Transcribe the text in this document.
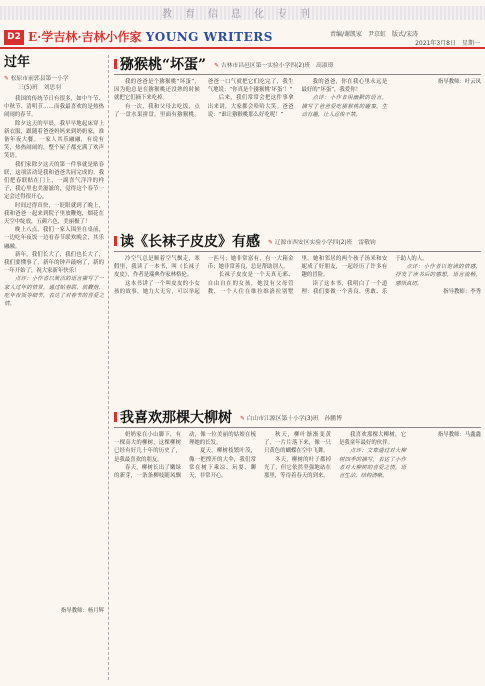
教育信息化专刊
D2 E·学吉林·吉林小作家 YOUNG WRITERS	责编/谢凯家　尹京虹　版式/宋涛
2021年3月8日　星期一
过年
✎ 松原市前郭县第一小学
三(5)班　刘思羽

我国的传统节日有很多，如中午节、中秋节、清明节……而我最喜欢的是热热闹闹的春节。

除夕这天的早晨，我早早地起床穿上新衣服，跟随着爸爸妈妈来到奶奶家，准备年夜大餐。一家人其乐融融，有说有笑，热热闹闹的，整个屋子都充满了欢声笑语。

我们家除夕这天的第一件事就是贴春联，这项活动是我和爸爸共同完成的。我们把春联贴在门上，一副喜气洋洋的样子，我心里也美滋滋的，觉得这个春节一定会过得很开心。

时间过得真快，一眨眼就到了晚上，我和爸爸一起来到院子里放鞭炮，烟花在天空中绽放，五颜六色，美丽极了！

晚上八点，我们一家人围坐在桌前，一边吃年夜饭一边看春节联欢晚会，其乐融融。

新年，我们长大了，我们也长大了，我们要懂事了，新年的钟声敲响了，新的一年开始了，祝大家新年快乐！

点评：小作者以简洁的语言描写了一家人过年的情景，通过贴春联、放鞭炮、吃年夜饭等细节，表达了对春节的喜爱之情。

指导教师：杨月辉
猕猴桃“坏蛋” ✎ 吉林市昌邑区第一实验小学四(2)班　高淑璟

我的爸爸是个猕猴桃“坏蛋”，因为他总是在猕猴桃还没熟的时候就把它们摘下来吃掉。

有一次，我和父母去吃饭，点了一盘水果拼盘，里面有猕猴桃。爸爸一口气就把它们吃完了，我生气地说：“你真是个猕猴桃‘坏蛋’！”

后来，我们常常会把这件事拿出来讲，大家都会哈哈大笑。爸爸说：“谁让猕猴桃那么好吃呢！”

我的爸爸，你在我心里永远是最好的“坏蛋”，我爱你！

点评：小作者用幽默的语言，描写了爸爸爱吃猕猴桃的趣事，生动有趣，让人忍俊不禁。

指导教师：叶云凤
读《长袜子皮皮》有感 ✎ 辽源市西安区实验小学四(2)班　雷敬钧

冷空气总是顺着空气飘走，寒假里，我读了一本书，叫《长袜子皮皮》，作者是瑞典作家林格伦。

这本书讲了一个叫皮皮的小女孩的故事，她力大无穷，可以举起一匹马；她非常富有，有一大箱金币；她非常善良，总是帮助别人。

长袜子皮皮是一个天真无邪、自由自在的女孩，她没有父母管教，一个人住在维拉维洛拉别墅里。她和邻居的两个孩子汤米和安妮成了好朋友，一起经历了许多有趣的冒险。

读了这本书，我明白了一个道理：我们要做一个善良、勇敢、乐于助人的人。

点评：小作者以饱满的情感，抒发了读书后的感想，语言流畅，感悟真切。

指导教师：李秀
我喜欢那棵大柳树 ✎ 白山市江源区第十小学(3)班　孙鹏博

奶奶家在小山脚下，有一棵高大的柳树，这棵柳树已经有好几十年的历史了，是我最喜欢的朋友。

春天，柳树长出了嫩绿的新芽，一条条柳枝随风飘动，像一位美丽的姑娘在梳理她的长发。

夏天，柳树枝繁叶茂，像一把撑开的大伞，我们常常在树下乘凉、玩耍、聊天，非常开心。

秋天，柳叶渐渐变黄了，一片片落下来，像一只只黄色的蝴蝶在空中飞舞。

冬天，柳树的叶子都掉光了，但它依然坚强地站在那里，等待着春天的到来。

我喜欢那棵大柳树，它是我童年最好的伙伴。

点评：文章通过对大柳树四季的描写，表达了小作者对大柳树的喜爱之情，语言生动，结构清晰。

指导教师：马鑫鑫
